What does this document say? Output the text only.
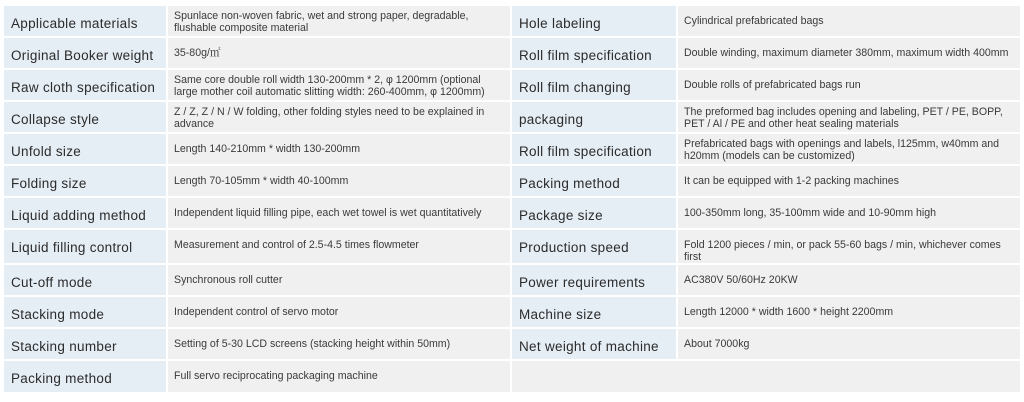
Applicable materials	Spunlace non-woven fabric, wet and strong paper, degradable, flushable composite material	Hole labeling	Cylindrical prefabricated bags
Original Booker weight	35-80g/㎡	Roll film specification	Double winding, maximum diameter 380mm, maximum width 400mm
Raw cloth specification	Same core double roll width 130-200mm * 2, φ 1200mm (optional large mother coil automatic slitting width: 260-400mm, φ 1200mm)	Roll film changing	Double rolls of prefabricated bags run
Collapse style	Z / Z, Z / N / W folding, other folding styles need to be explained in advance	packaging	The preformed bag includes opening and labeling, PET / PE, BOPP, PET / Al / PE and other heat sealing materials
Unfold size	Length 140-210mm * width 130-200mm	Roll film specification	Prefabricated bags with openings and labels, l125mm, w40mm and h20mm (models can be customized)
Folding size	Length 70-105mm * width 40-100mm	Packing method	It can be equipped with 1-2 packing machines
Liquid adding method	Independent liquid filling pipe, each wet towel is wet quantitatively	Package size	100-350mm long, 35-100mm wide and 10-90mm high
Liquid filling control	Measurement and control of 2.5-4.5 times flowmeter	Production speed	Fold 1200 pieces / min, or pack 55-60 bags / min, whichever comes first
Cut-off mode	Synchronous roll cutter	Power requirements	AC380V 50/60Hz 20KW
Stacking mode	Independent control of servo motor	Machine size	Length 12000 * width 1600 * height 2200mm
Stacking number	Setting of 5-30 LCD screens (stacking height within 50mm)	Net weight of machine	About 7000kg
Packing method	Full servo reciprocating packaging machine		
